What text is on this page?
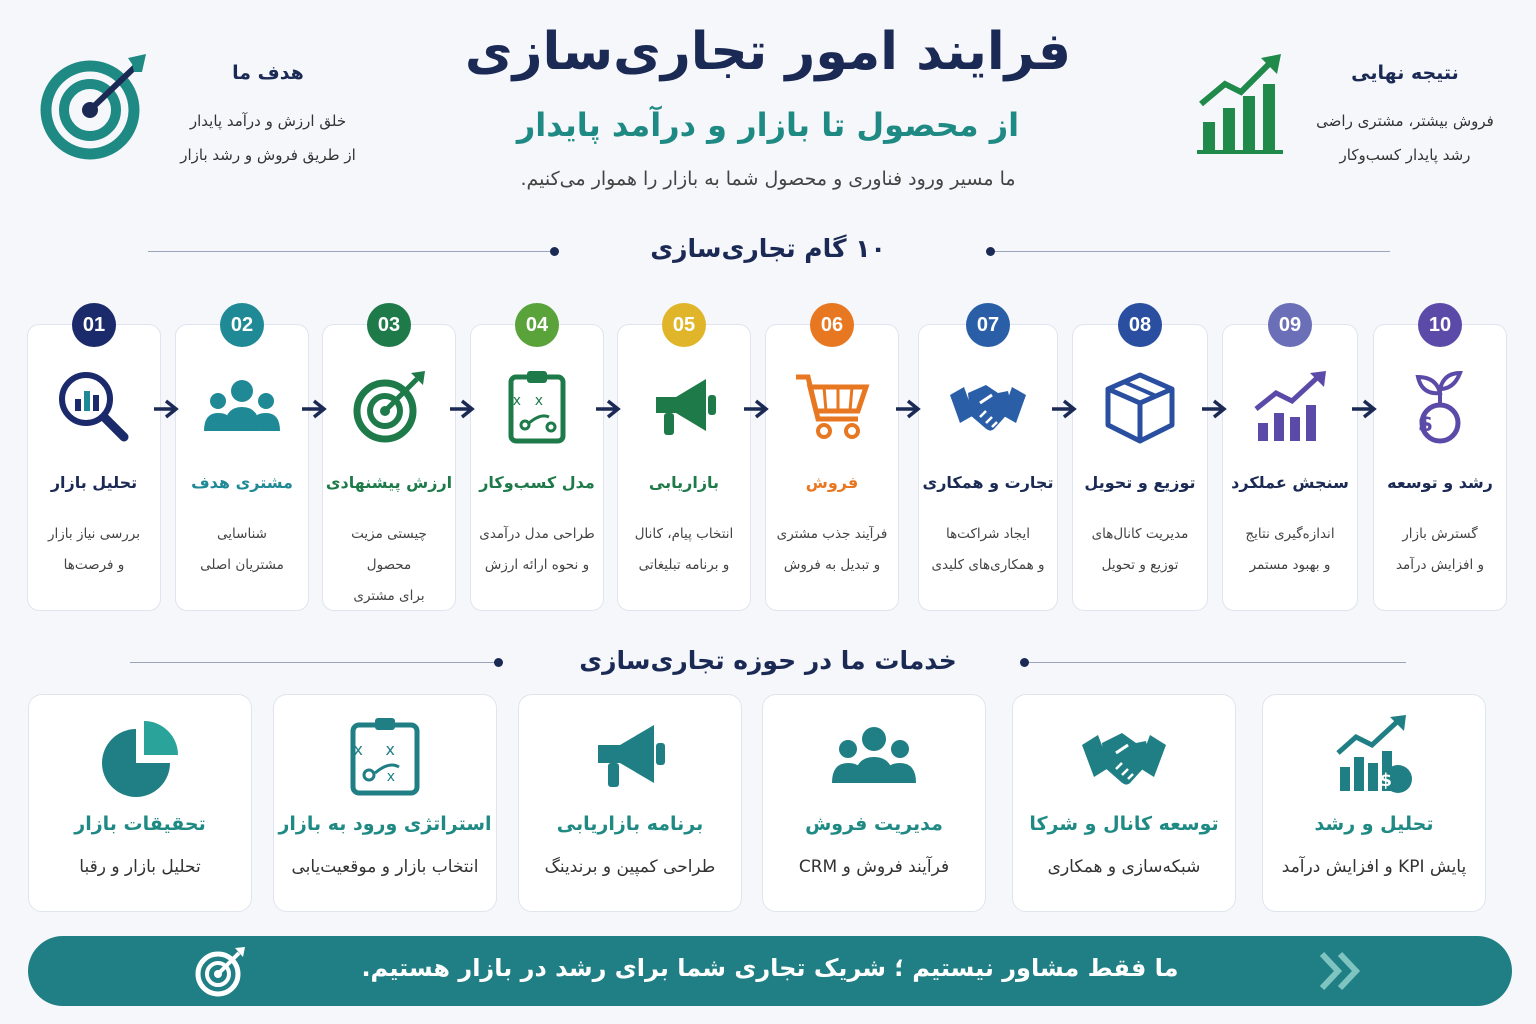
فرایند امور تجاری‌سازی
از محصول تا بازار و درآمد پایدار
ما مسیر ورود فناوری و محصول شما به بازار را هموار می‌کنیم.
هدف ما

خلق ارزش و درآمد پایدار

از طریق فروش و رشد بازار

نتیجه نهایی

فروش بیشتر، مشتری راضی

رشد پایدار کسب‌وکار

۱۰ گام تجاری‌سازی
01
تحلیل بازار
بررسی نیاز بازار
و فرصت‌ها
02
مشتری هدف
شناسایی
مشتریان اصلی
03
ارزش پیشنهادی
چیستی مزیت محصول
برای مشتری
04
x x
مدل کسب‌وکار
طراحی مدل درآمدی
و نحوه ارائه ارزش
05
بازاریابی
انتخاب پیام، کانال
و برنامه تبلیغاتی
06
فروش
فرآیند جذب مشتری
و تبدیل به فروش
07
تجارت و همکاری
ایجاد شراکت‌ها
و همکاری‌های کلیدی
08
توزیع و تحویل
مدیریت کانال‌های
توزیع و تحویل
09
سنجش عملکرد
اندازه‌گیری نتایج
و بهبود مستمر
10
$
رشد و توسعه
گسترش بازار
و افزایش درآمد
خدمات ما در حوزه تجاری‌سازی
$
تحلیل و رشد
پایش KPI و افزایش درآمد
توسعه کانال و شرکا
شبکه‌سازی و همکاری
مدیریت فروش
فرآیند فروش و CRM
برنامه بازاریابی
طراحی کمپین و برندینگ
x x
x
استراتژی ورود به بازار
انتخاب بازار و موقعیت‌یابی
تحقیقات بازار
تحلیل بازار و رقبا
ما فقط مشاور نیستیم ؛ شریک تجاری شما برای رشد در بازار هستیم.
